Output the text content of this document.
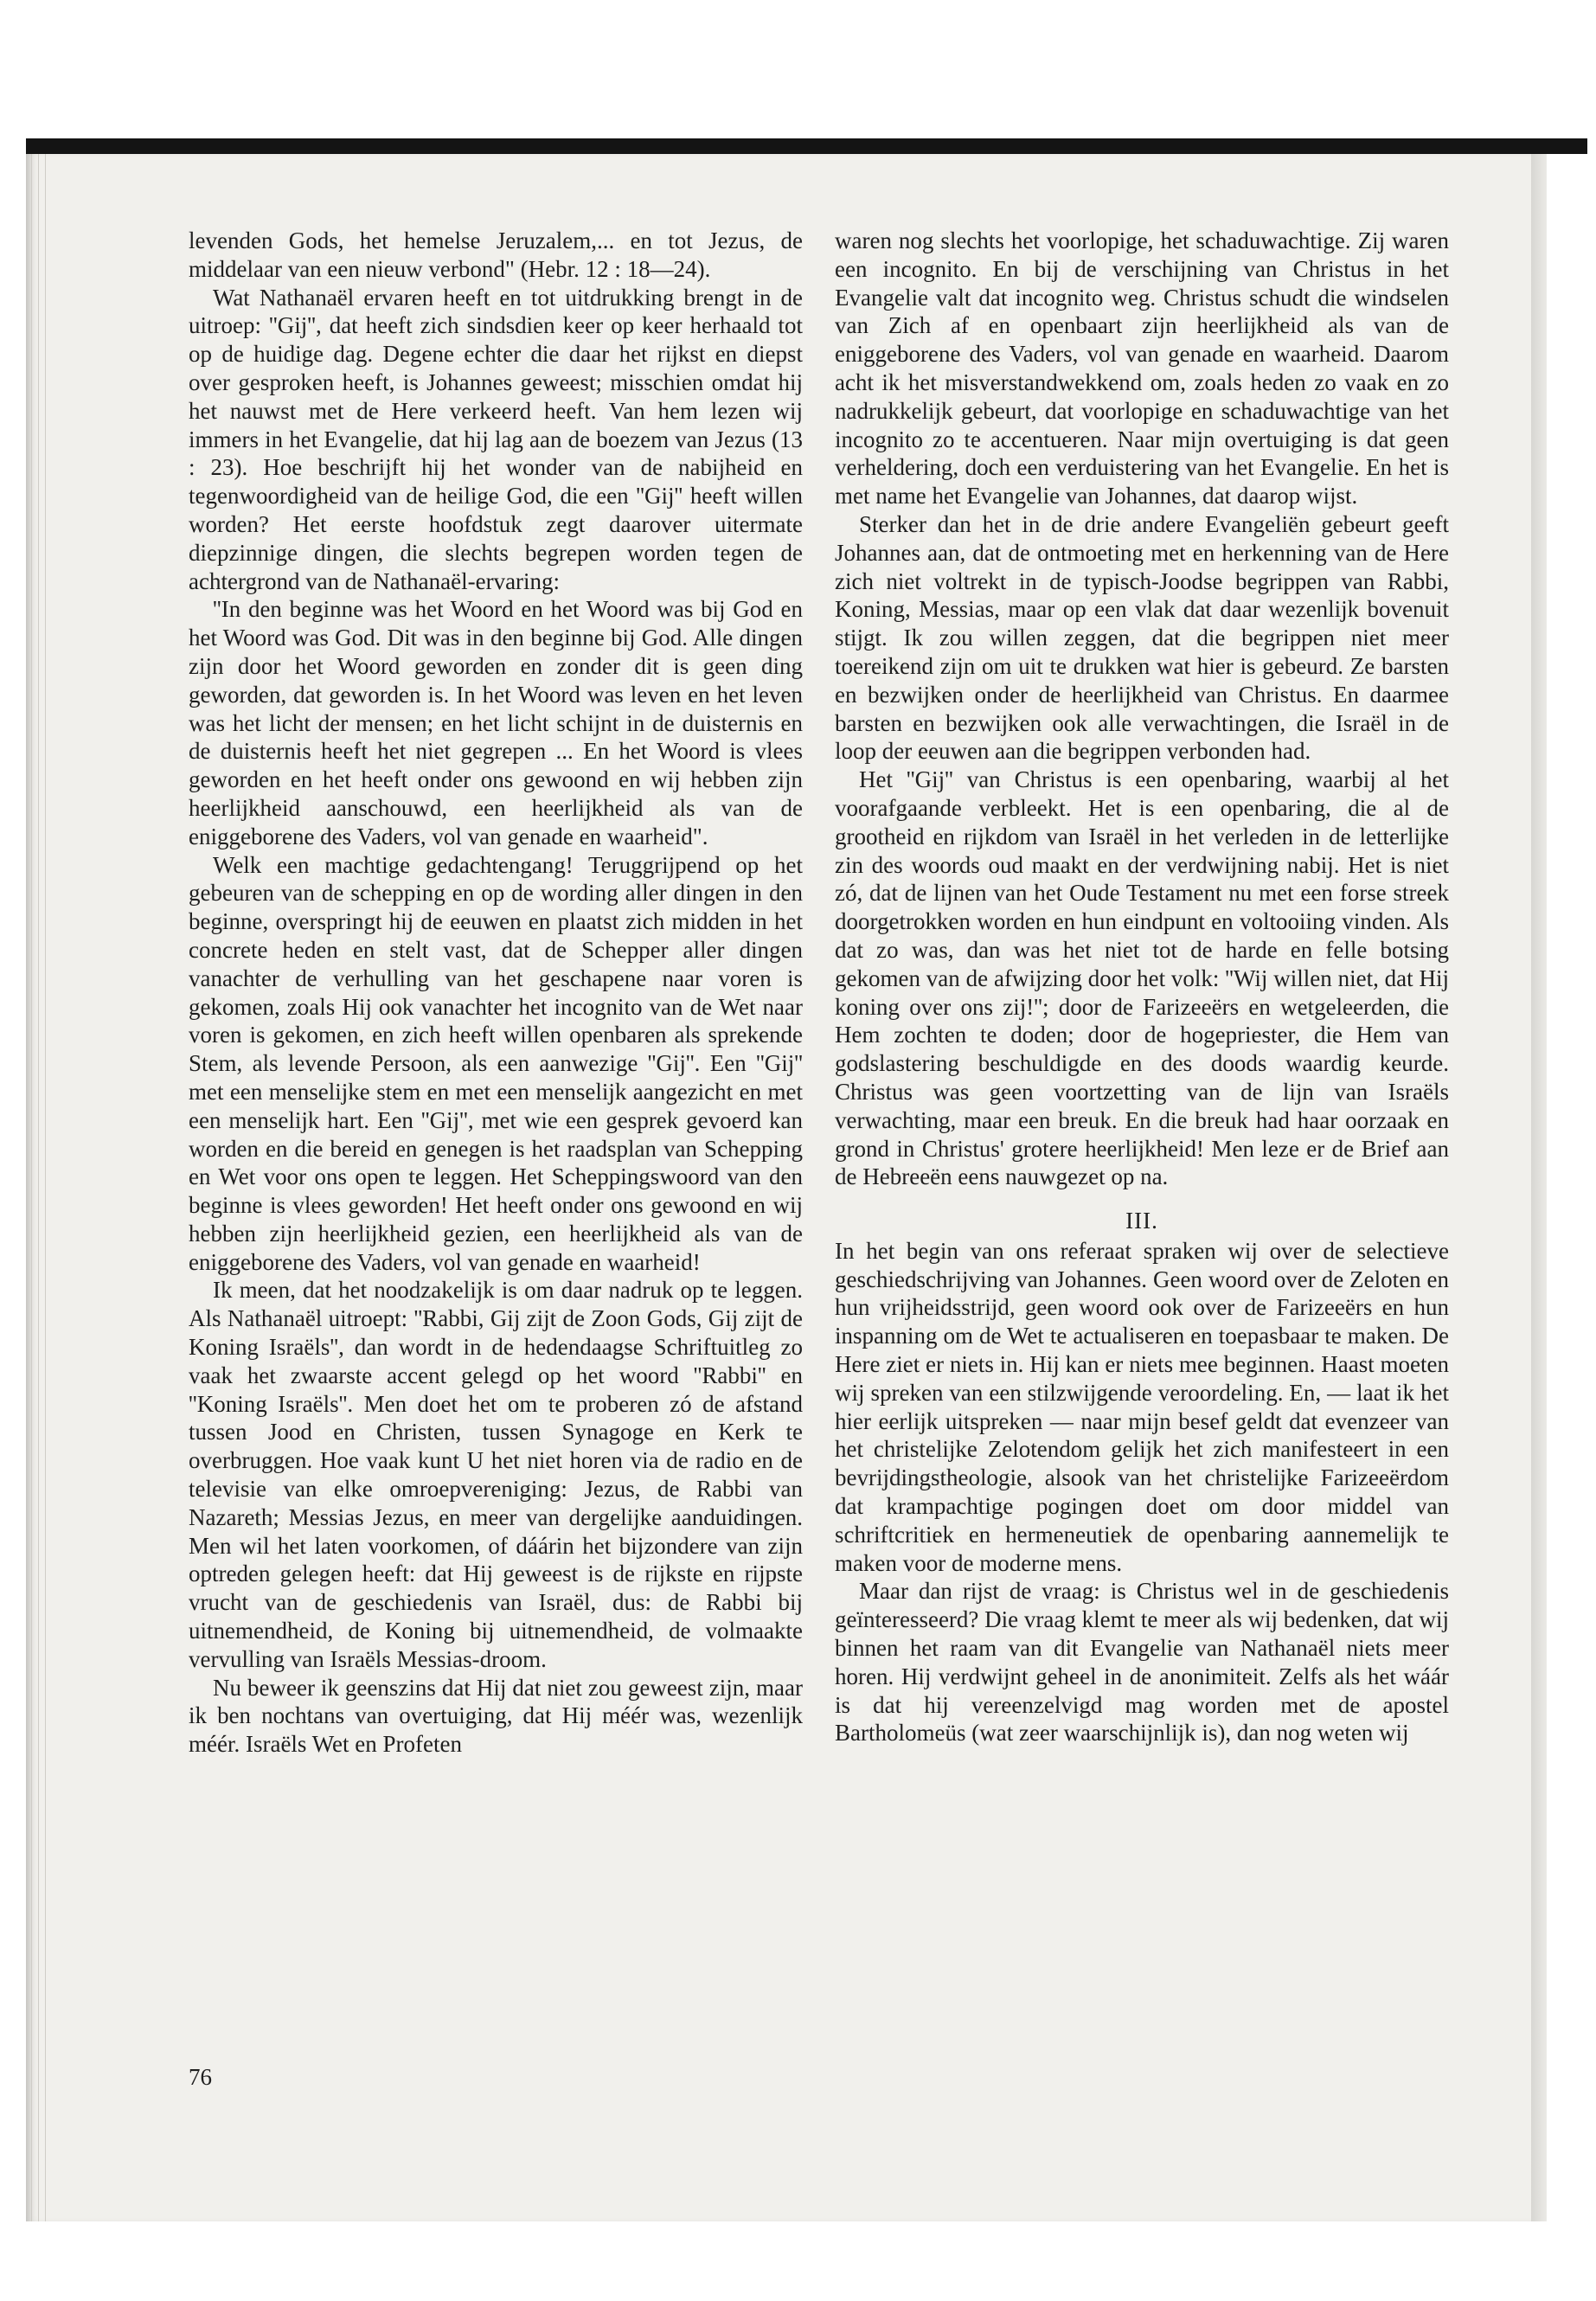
levenden Gods, het hemelse Jeruzalem,... en tot Jezus, de middelaar van een nieuw verbond" (Hebr. 12 : 18—24).

Wat Nathanaël ervaren heeft en tot uitdrukking brengt in de uitroep: ''Gij'', dat heeft zich sindsdien keer op keer herhaald tot op de huidige dag. Degene echter die daar het rijkst en diepst over gesproken heeft, is Johannes geweest; misschien omdat hij het nauwst met de Here verkeerd heeft. Van hem lezen wij immers in het Evangelie, dat hij lag aan de boezem van Jezus (13 : 23). Hoe beschrijft hij het wonder van de nabijheid en tegenwoordigheid van de heilige God, die een ''Gij'' heeft willen worden? Het eerste hoofdstuk zegt daarover uitermate diepzinnige dingen, die slechts begrepen worden tegen de achtergrond van de Nathanaël-ervaring:

''In den beginne was het Woord en het Woord was bij God en het Woord was God. Dit was in den beginne bij God. Alle dingen zijn door het Woord geworden en zonder dit is geen ding geworden, dat geworden is. In het Woord was leven en het leven was het licht der mensen; en het licht schijnt in de duisternis en de duisternis heeft het niet gegrepen ... En het Woord is vlees geworden en het heeft onder ons gewoond en wij hebben zijn heerlijkheid aanschouwd, een heerlijkheid als van de eniggeborene des Vaders, vol van genade en waarheid".

Welk een machtige gedachtengang! Teruggrijpend op het gebeuren van de schepping en op de wording aller dingen in den beginne, overspringt hij de eeuwen en plaatst zich midden in het concrete heden en stelt vast, dat de Schepper aller dingen vanachter de verhulling van het geschapene naar voren is gekomen, zoals Hij ook vanachter het incognito van de Wet naar voren is gekomen, en zich heeft willen openbaren als sprekende Stem, als levende Persoon, als een aanwezige ''Gij''. Een ''Gij'' met een menselijke stem en met een menselijk aangezicht en met een menselijk hart. Een ''Gij'', met wie een gesprek gevoerd kan worden en die bereid en genegen is het raadsplan van Schepping en Wet voor ons open te leggen. Het Scheppingswoord van den beginne is vlees geworden! Het heeft onder ons gewoond en wij hebben zijn heerlijkheid gezien, een heerlijkheid als van de eniggeborene des Vaders, vol van genade en waarheid!

Ik meen, dat het noodzakelijk is om daar nadruk op te leggen. Als Nathanaël uitroept: ''Rabbi, Gij zijt de Zoon Gods, Gij zijt de Koning Israëls'', dan wordt in de hedendaagse Schriftuitleg zo vaak het zwaarste accent gelegd op het woord ''Rabbi'' en ''Koning Israëls''. Men doet het om te proberen zó de afstand tussen Jood en Christen, tussen Synagoge en Kerk te overbruggen. Hoe vaak kunt U het niet horen via de radio en de televisie van elke omroepvereniging: Jezus, de Rabbi van Nazareth; Messias Jezus, en meer van dergelijke aanduidingen. Men wil het laten voorkomen, of dáárin het bijzondere van zijn optreden gelegen heeft: dat Hij geweest is de rijkste en rijpste vrucht van de geschiedenis van Israël, dus: de Rabbi bij uitnemendheid, de Koning bij uitnemendheid, de volmaakte vervulling van Israëls Messias-droom.

Nu beweer ik geenszins dat Hij dat niet zou geweest zijn, maar ik ben nochtans van overtuiging, dat Hij méér was, wezenlijk méér. Israëls Wet en Profeten

waren nog slechts het voorlopige, het schaduwachtige. Zij waren een incognito. En bij de verschijning van Christus in het Evangelie valt dat incognito weg. Christus schudt die windselen van Zich af en openbaart zijn heerlijkheid als van de eniggeborene des Vaders, vol van genade en waarheid. Daarom acht ik het misverstandwekkend om, zoals heden zo vaak en zo nadrukkelijk gebeurt, dat voorlopige en schaduwachtige van het incognito zo te accentueren. Naar mijn overtuiging is dat geen verheldering, doch een verduistering van het Evangelie. En het is met name het Evangelie van Johannes, dat daarop wijst.

Sterker dan het in de drie andere Evangeliën gebeurt geeft Johannes aan, dat de ontmoeting met en herkenning van de Here zich niet voltrekt in de typisch-Joodse begrippen van Rabbi, Koning, Messias, maar op een vlak dat daar wezenlijk bovenuit stijgt. Ik zou willen zeggen, dat die begrippen niet meer toereikend zijn om uit te drukken wat hier is gebeurd. Ze barsten en bezwijken onder de heerlijkheid van Christus. En daarmee barsten en bezwijken ook alle verwachtingen, die Israël in de loop der eeuwen aan die begrippen verbonden had.

Het ''Gij'' van Christus is een openbaring, waarbij al het voorafgaande verbleekt. Het is een openbaring, die al de grootheid en rijkdom van Israël in het verleden in de letterlijke zin des woords oud maakt en der verdwijning nabij. Het is niet zó, dat de lijnen van het Oude Testament nu met een forse streek doorgetrokken worden en hun eindpunt en voltooiing vinden. Als dat zo was, dan was het niet tot de harde en felle botsing gekomen van de afwijzing door het volk: ''Wij willen niet, dat Hij koning over ons zij!''; door de Farizeeërs en wetgeleerden, die Hem zochten te doden; door de hogepriester, die Hem van godslastering beschuldigde en des doods waardig keurde. Christus was geen voortzetting van de lijn van Israëls verwachting, maar een breuk. En die breuk had haar oorzaak en grond in Christus' grotere heerlijkheid! Men leze er de Brief aan de Hebreeën eens nauwgezet op na.

III.

In het begin van ons referaat spraken wij over de selectieve geschiedschrijving van Johannes. Geen woord over de Zeloten en hun vrijheidsstrijd, geen woord ook over de Farizeeërs en hun inspanning om de Wet te actualiseren en toepasbaar te maken. De Here ziet er niets in. Hij kan er niets mee beginnen. Haast moeten wij spreken van een stilzwijgende veroordeling. En, — laat ik het hier eerlijk uitspreken — naar mijn besef geldt dat evenzeer van het christelijke Zelotendom gelijk het zich manifesteert in een bevrijdingstheologie, alsook van het christelijke Farizeeërdom dat krampachtige pogingen doet om door middel van schriftcritiek en hermeneutiek de openbaring aannemelijk te maken voor de moderne mens.

Maar dan rijst de vraag: is Christus wel in de geschiedenis geïnteresseerd? Die vraag klemt te meer als wij bedenken, dat wij binnen het raam van dit Evangelie van Nathanaël niets meer horen. Hij verdwijnt geheel in de anonimiteit. Zelfs als het wáár is dat hij vereenzelvigd mag worden met de apostel Bartholomeüs (wat zeer waarschijnlijk is), dan nog weten wij

76
